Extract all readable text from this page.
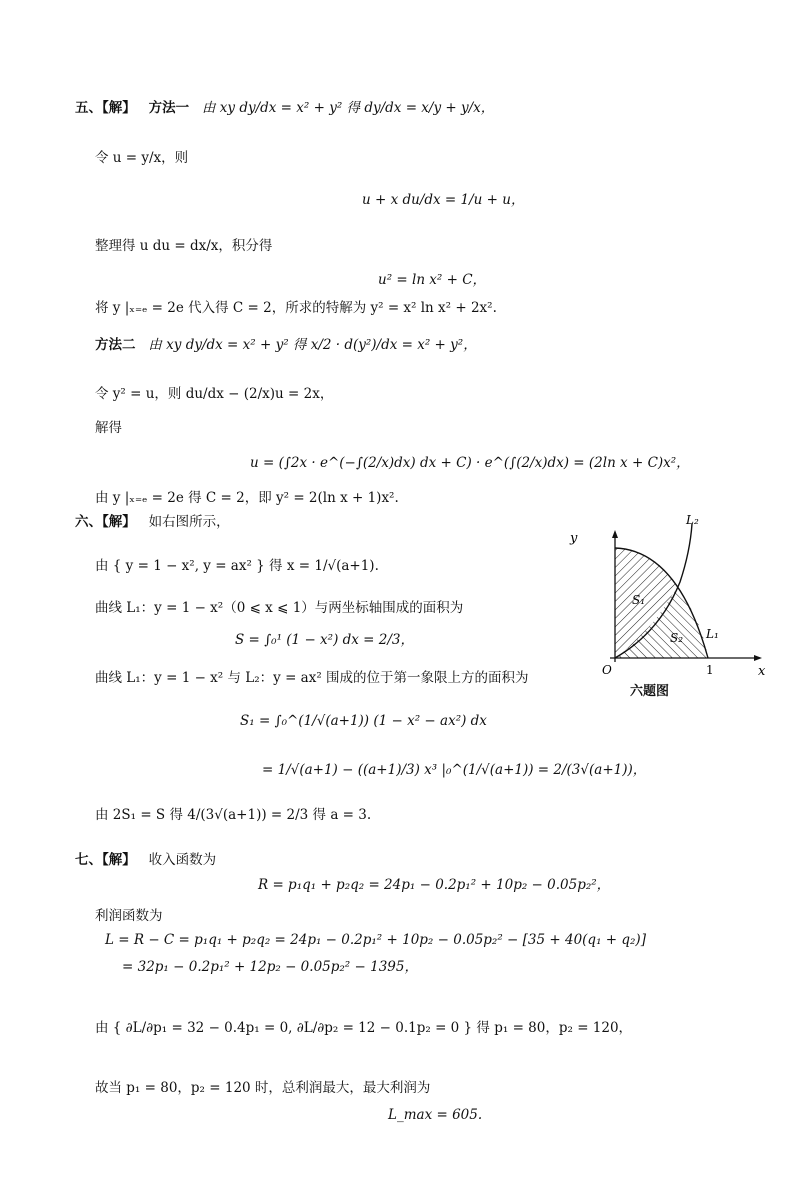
五、【解】 方法一 由 xy dy/dx = x² + y² 得 dy/dx = x/y + y/x，
令 u = y/x，则
u + x du/dx = 1/u + u，
整理得 u du = dx/x，积分得
u² = ln x² + C，
将 y |ₓ₌ₑ = 2e 代入得 C = 2，所求的特解为 y² = x² ln x² + 2x².
方法二 由 xy dy/dx = x² + y² 得 x/2 · d(y²)/dx = x² + y²，
令 y² = u，则 du/dx − (2/x)u = 2x，
解得
u = (∫2x · e^(−∫(2/x)dx) dx + C) · e^(∫(2/x)dx) = (2ln x + C)x²，
由 y |ₓ₌ₑ = 2e 得 C = 2，即 y² = 2(ln x + 1)x².
六、【解】 如右图所示，
由 { y = 1 − x², y = ax² } 得 x = 1/√(a+1).
曲线 L₁：y = 1 − x²（0 ⩽ x ⩽ 1）与两坐标轴围成的面积为
S = ∫₀¹ (1 − x²) dx = 2/3，
曲线 L₁：y = 1 − x² 与 L₂：y = ax² 围成的位于第一象限上方的面积为
S₁ = ∫₀^(1/√(a+1)) (1 − x² − ax²) dx
= 1/√(a+1) − ((a+1)/3) x³ |₀^(1/√(a+1)) = 2/(3√(a+1))，
由 2S₁ = S 得 4/(3√(a+1)) = 2/3 得 a = 3.
y
x
O	1
L₁
L₂
S₁
S₂
六题图
七、【解】 收入函数为
R = p₁q₁ + p₂q₂ = 24p₁ − 0.2p₁² + 10p₂ − 0.05p₂²，
利润函数为
L = R − C = p₁q₁ + p₂q₂ = 24p₁ − 0.2p₁² + 10p₂ − 0.05p₂² − [35 + 40(q₁ + q₂)]
= 32p₁ − 0.2p₁² + 12p₂ − 0.05p₂² − 1395，
由 { ∂L/∂p₁ = 32 − 0.4p₁ = 0, ∂L/∂p₂ = 12 − 0.1p₂ = 0 } 得 p₁ = 80，p₂ = 120，
故当 p₁ = 80，p₂ = 120 时，总利润最大，最大利润为
L_max = 605.
